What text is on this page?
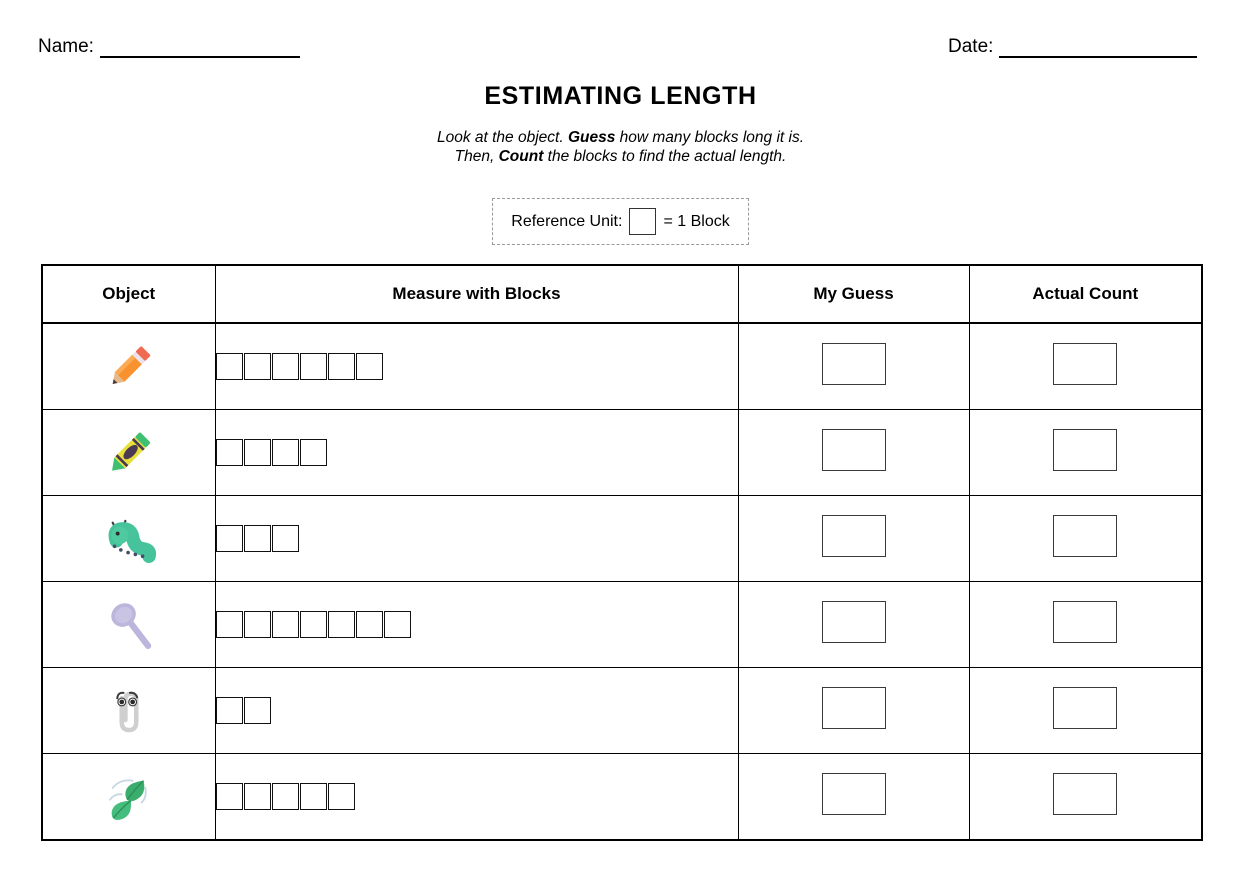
Name:	Date:
ESTIMATING LENGTH
Look at the object. Guess how many blocks long it is.
Then, Count the blocks to find the actual length.
Reference Unit:	= 1 Block
Object	Measure with Blocks	My Guess	Actual Count
